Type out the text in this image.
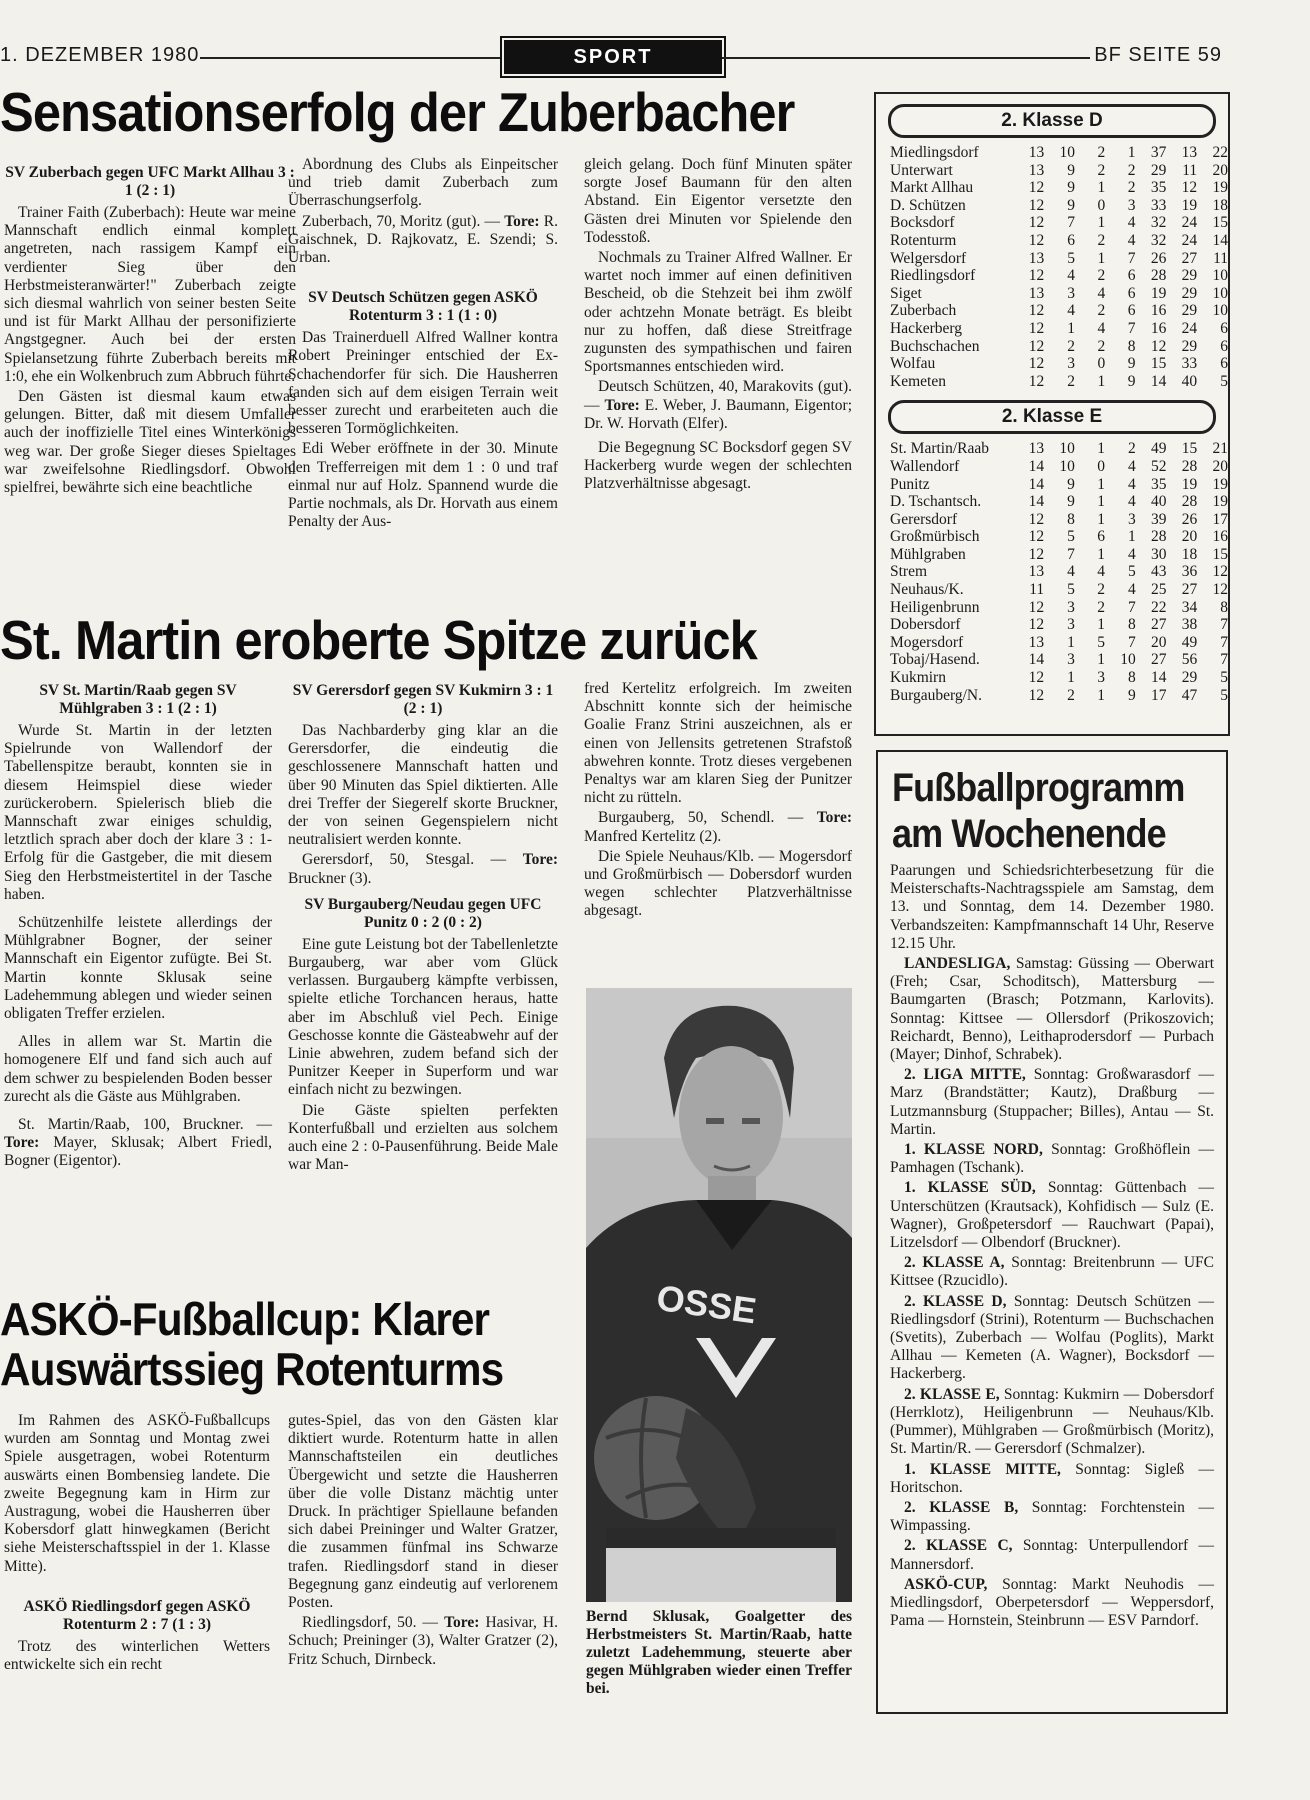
1. DEZEMBER 1980	SPORT	BF SEITE 59
Sensationserfolg der Zuberbacher
SV Zuberbach gegen UFC Markt Allhau 3 : 1 (2 : 1)

Trainer Faith (Zuberbach): Heute war meine Mannschaft endlich einmal komplett angetreten, nach rassigem Kampf ein verdienter Sieg über den Herbstmeisteranwärter!" Zuberbach zeigte sich diesmal wahrlich von seiner besten Seite und ist für Markt Allhau der personifizierte Angstgegner. Auch bei der ersten Spielansetzung führte Zuberbach bereits mit 1:0, ehe ein Wolkenbruch zum Abbruch führte.

Den Gästen ist diesmal kaum etwas gelungen. Bitter, daß mit diesem Umfaller auch der inoffizielle Titel eines Winterkönigs weg war. Der große Sieger dieses Spieltages war zweifelsohne Riedlingsdorf. Obwohl spielfrei, bewährte sich eine beachtliche

Abordnung des Clubs als Einpeitscher und trieb damit Zuberbach zum Überraschungserfolg.

Zuberbach, 70, Moritz (gut). — Tore: R. Gaischnek, D. Rajkovatz, E. Szendi; S. Urban.

SV Deutsch Schützen gegen ASKÖ Rotenturm 3 : 1 (1 : 0)

Das Trainerduell Alfred Wallner kontra Robert Preininger entschied der Ex-Schachendorfer für sich. Die Hausherren fanden sich auf dem eisigen Terrain weit besser zurecht und erarbeiteten auch die besseren Tormöglichkeiten.

Edi Weber eröffnete in der 30. Minute den Trefferreigen mit dem 1 : 0 und traf einmal nur auf Holz. Spannend wurde die Partie nochmals, als Dr. Horvath aus einem Penalty der Aus-

gleich gelang. Doch fünf Minuten später sorgte Josef Baumann für den alten Abstand. Ein Eigentor versetzte den Gästen drei Minuten vor Spielende den Todesstoß.

Nochmals zu Trainer Alfred Wallner. Er wartet noch immer auf einen definitiven Bescheid, ob die Stehzeit bei ihm zwölf oder achtzehn Monate beträgt. Es bleibt nur zu hoffen, daß diese Streitfrage zugunsten des sympathischen und fairen Sportsmannes entschieden wird.

Deutsch Schützen, 40, Marakovits (gut). — Tore: E. Weber, J. Baumann, Eigentor; Dr. W. Horvath (Elfer).

Die Begegnung SC Bocksdorf gegen SV Hackerberg wurde wegen der schlechten Platzverhältnisse abgesagt.

St. Martin eroberte Spitze zurück
SV St. Martin/Raab gegen SV Mühlgraben 3 : 1 (2 : 1)

Wurde St. Martin in der letzten Spielrunde von Wallendorf der Tabellenspitze beraubt, konnten sie in diesem Heimspiel diese wieder zurückerobern. Spielerisch blieb die Mannschaft zwar einiges schuldig, letztlich sprach aber doch der klare 3 : 1-Erfolg für die Gastgeber, die mit diesem Sieg den Herbstmeistertitel in der Tasche haben.

Schützenhilfe leistete allerdings der Mühlgrabner Bogner, der seiner Mannschaft ein Eigentor zufügte. Bei St. Martin konnte Sklusak seine Ladehemmung ablegen und wieder seinen obligaten Treffer erzielen.

Alles in allem war St. Martin die homogenere Elf und fand sich auch auf dem schwer zu bespielenden Boden besser zurecht als die Gäste aus Mühlgraben.

St. Martin/Raab, 100, Bruckner. — Tore: Mayer, Sklusak; Albert Friedl, Bogner (Eigentor).

SV Gerersdorf gegen SV Kukmirn 3 : 1 (2 : 1)

Das Nachbarderby ging klar an die Gerersdorfer, die eindeutig die geschlossenere Mannschaft hatten und über 90 Minuten das Spiel diktierten. Alle drei Treffer der Siegerelf skorte Bruckner, der von seinen Gegenspielern nicht neutralisiert werden konnte.

Gerersdorf, 50, Stesgal. — Tore: Bruckner (3).

SV Burgauberg/Neudau gegen UFC Punitz 0 : 2 (0 : 2)

Eine gute Leistung bot der Tabellenletzte Burgauberg, war aber vom Glück verlassen. Burgauberg kämpfte verbissen, spielte etliche Torchancen heraus, hatte aber im Abschluß viel Pech. Einige Geschosse konnte die Gästeabwehr auf der Linie abwehren, zudem befand sich der Punitzer Keeper in Superform und war einfach nicht zu bezwingen.

Die Gäste spielten perfekten Konterfußball und erzielten aus solchem auch eine 2 : 0-Pausenführung. Beide Male war Man-

fred Kertelitz erfolgreich. Im zweiten Abschnitt konnte sich der heimische Goalie Franz Strini auszeichnen, als er einen von Jellensits getretenen Strafstoß abwehren konnte. Trotz dieses vergebenen Penaltys war am klaren Sieg der Punitzer nicht zu rütteln.

Burgauberg, 50, Schendl. — Tore: Manfred Kertelitz (2).

Die Spiele Neuhaus/Klb. — Mogersdorf und Großmürbisch — Dobersdorf wurden wegen schlechter Platzverhältnisse abgesagt.

OSSE
Bernd Sklusak, Goalgetter des Herbstmeisters St. Martin/Raab, hatte zuletzt Ladehemmung, steuerte aber gegen Mühlgraben wieder einen Treffer bei.
ASKÖ-Fußballcup: Klarer
Auswärtssieg Rotenturms

Im Rahmen des ASKÖ-Fußballcups wurden am Sonntag und Montag zwei Spiele ausgetragen, wobei Rotenturm auswärts einen Bombensieg landete. Die zweite Begegnung kam in Hirm zur Austragung, wobei die Hausherren über Kobersdorf glatt hinwegkamen (Bericht siehe Meisterschaftsspiel in der 1. Klasse Mitte).

ASKÖ Riedlingsdorf gegen ASKÖ Rotenturm 2 : 7 (1 : 3)

Trotz des winterlichen Wetters entwickelte sich ein recht

gutes-Spiel, das von den Gästen klar diktiert wurde. Rotenturm hatte in allen Mannschaftsteilen ein deutliches Übergewicht und setzte die Hausherren über die volle Distanz mächtig unter Druck. In prächtiger Spiellaune befanden sich dabei Preininger und Walter Gratzer, die zusammen fünfmal ins Schwarze trafen. Riedlingsdorf stand in dieser Begegnung ganz eindeutig auf verlorenem Posten.

Riedlingsdorf, 50. — Tore: Hasivar, H. Schuch; Preininger (3), Walter Gratzer (2), Fritz Schuch, Dirnbeck.

2. Klasse D
Miedlingsdorf	13	10	2	1	37	13	22
Unterwart	13	9	2	2	29	11	20
Markt Allhau	12	9	1	2	35	12	19
D. Schützen	12	9	0	3	33	19	18
Bocksdorf	12	7	1	4	32	24	15
Rotenturm	12	6	2	4	32	24	14
Welgersdorf	13	5	1	7	26	27	11
Riedlingsdorf	12	4	2	6	28	29	10
Siget	13	3	4	6	19	29	10
Zuberbach	12	4	2	6	16	29	10
Hackerberg	12	1	4	7	16	24	6
Buchschachen	12	2	2	8	12	29	6
Wolfau	12	3	0	9	15	33	6
Kemeten	12	2	1	9	14	40	5
2. Klasse E
St. Martin/Raab	13	10	1	2	49	15	21
Wallendorf	14	10	0	4	52	28	20
Punitz	14	9	1	4	35	19	19
D. Tschantsch.	14	9	1	4	40	28	19
Gerersdorf	12	8	1	3	39	26	17
Großmürbisch	12	5	6	1	28	20	16
Mühlgraben	12	7	1	4	30	18	15
Strem	13	4	4	5	43	36	12
Neuhaus/K.	11	5	2	4	25	27	12
Heiligenbrunn	12	3	2	7	22	34	8
Dobersdorf	12	3	1	8	27	38	7
Mogersdorf	13	1	5	7	20	49	7
Tobaj/Hasend.	14	3	1	10	27	56	7
Kukmirn	12	1	3	8	14	29	5
Burgauberg/N.	12	2	1	9	17	47	5
Fußballprogramm
am Wochenende

Paarungen und Schiedsrichterbesetzung für die Meisterschafts-Nachtragsspiele am Samstag, dem 13. und Sonntag, dem 14. Dezember 1980. Verbandszeiten: Kampfmannschaft 14 Uhr, Reserve 12.15 Uhr.

LANDESLIGA, Samstag: Güssing — Oberwart (Freh; Csar, Schoditsch), Mattersburg — Baumgarten (Brasch; Potzmann, Karlovits). Sonntag: Kittsee — Ollersdorf (Prikoszovich; Reichardt, Benno), Leithaprodersdorf — Purbach (Mayer; Dinhof, Schrabek).

2. LIGA MITTE, Sonntag: Großwarasdorf — Marz (Brandstätter; Kautz), Draßburg — Lutzmannsburg (Stuppacher; Billes), Antau — St. Martin.

1. KLASSE NORD, Sonntag: Großhöflein — Pamhagen (Tschank).

1. KLASSE SÜD, Sonntag: Güttenbach — Unterschützen (Krautsack), Kohfidisch — Sulz (E. Wagner), Großpetersdorf — Rauchwart (Papai), Litzelsdorf — Olbendorf (Bruckner).

2. KLASSE A, Sonntag: Breitenbrunn — UFC Kittsee (Rzucidlo).

2. KLASSE D, Sonntag: Deutsch Schützen — Riedlingsdorf (Strini), Rotenturm — Buchschachen (Svetits), Zuberbach — Wolfau (Poglits), Markt Allhau — Kemeten (A. Wagner), Bocksdorf — Hackerberg.

2. KLASSE E, Sonntag: Kukmirn — Dobersdorf (Herrklotz), Heiligenbrunn — Neuhaus/Klb. (Pummer), Mühlgraben — Großmürbisch (Moritz), St. Martin/R. — Gerersdorf (Schmalzer).

1. KLASSE MITTE, Sonntag: Sigleß — Horitschon.

2. KLASSE B, Sonntag: Forchtenstein — Wimpassing.

2. KLASSE C, Sonntag: Unterpullendorf — Mannersdorf.

ASKÖ-CUP, Sonntag: Markt Neuhodis — Miedlingsdorf, Oberpetersdorf — Weppersdorf, Pama — Hornstein, Steinbrunn — ESV Parndorf.
